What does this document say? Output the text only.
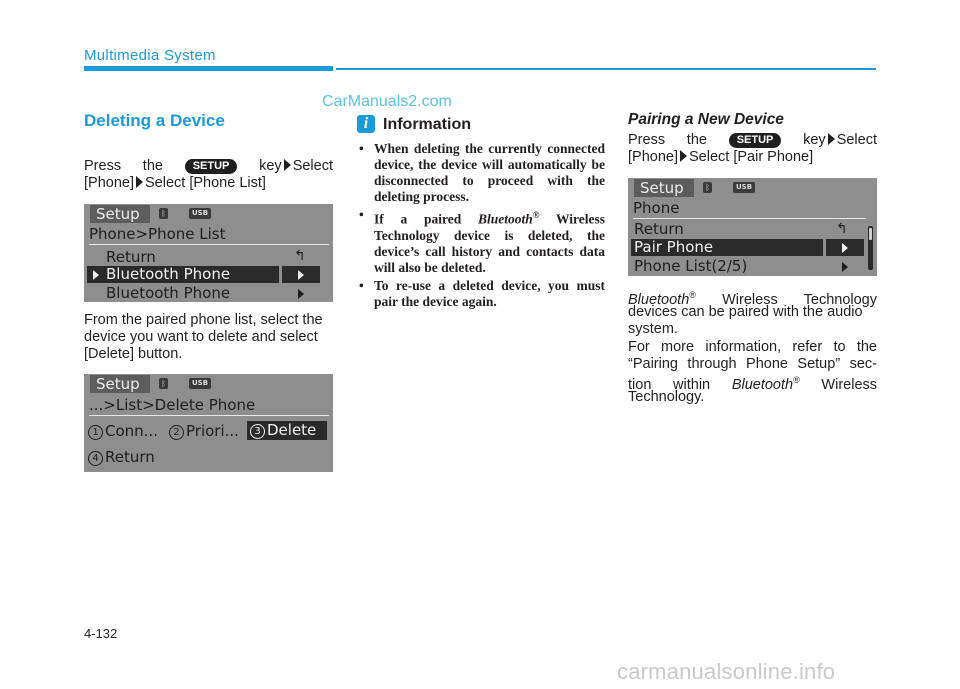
Multimedia System
CarManuals2.com
Deleting a Device
Press the	SETUP key Select
[Phone] Select [Phone List]
Setup	ᛒ	USB
Phone>Phone List
Return	↰
Bluetooth Phone
Bluetooth Phone
From the paired phone list, select the device you want to delete and select [Delete] button.
Setup	ᛒ	USB
...>List>Delete Phone
1 Conn...	2 Priori...	3 Delete
4 Return
i Information
• When deleting the currently connected device, the device will automatically be disconnected to proceed with the deleting process.
• If a paired Bluetooth® Wireless Technology device is deleted, the device’s call history and contacts data will also be deleted.
• To re-use a deleted device, you must pair the device again.
Pairing a New Device
Press the	SETUP key Select
[Phone] Select [Pair Phone]
Setup	ᛒ	USB
Phone
Return	↰
Pair Phone
Phone List(2/5)
Bluetooth® Wireless Technology
devices can be paired with the audio system.
For more information, refer to the
“Pairing through Phone Setup” sec-
tion within Bluetooth® Wireless
Technology.
4-132
carmanualsonline.info
